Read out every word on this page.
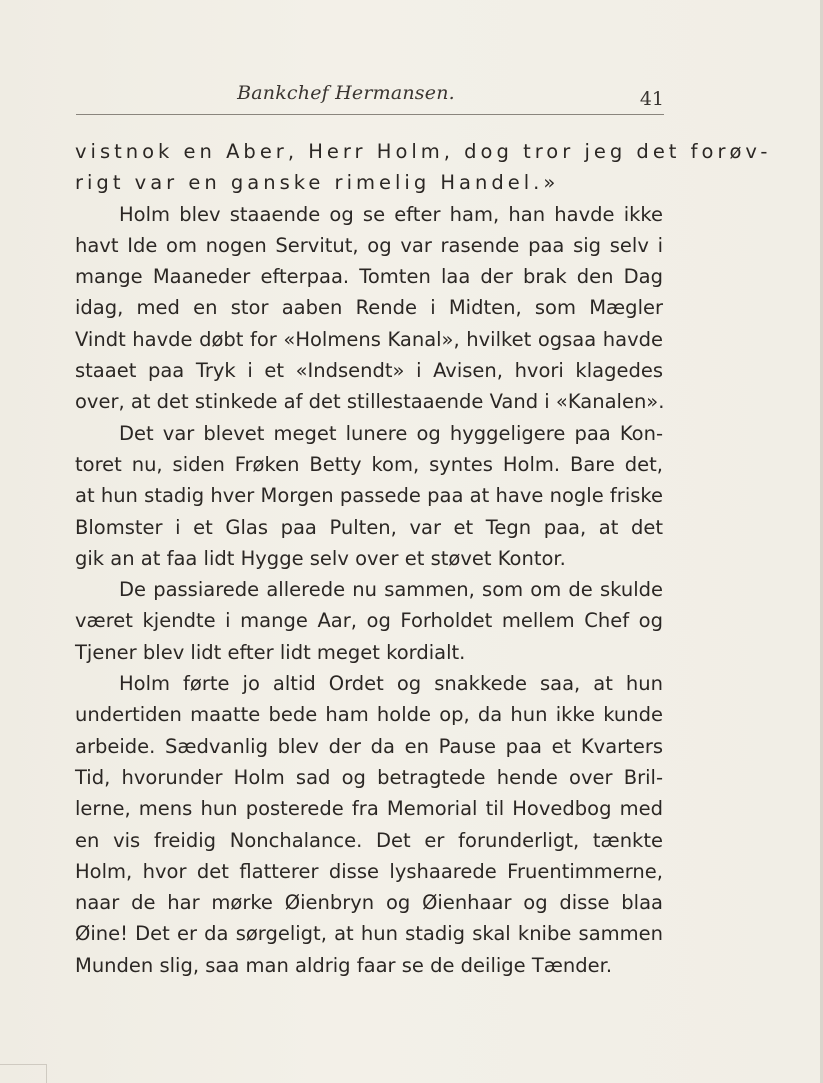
Bankchef Hermansen.	41
vistnok en Aber, Herr Holm, dog tror jeg det forøv-
rigt var en ganske rimelig Handel.»
Holm blev staaende og se efter ham, han havde ikke
havt Ide om nogen Servitut, og var rasende paa sig selv i
mange Maaneder efterpaa. Tomten laa der brak den Dag
idag, med en stor aaben Rende i Midten, som Mægler
Vindt havde døbt for «Holmens Kanal», hvilket ogsaa havde
staaet paa Tryk i et «Indsendt» i Avisen, hvori klagedes
over, at det stinkede af det stillestaaende Vand i «Kanalen».
Det var blevet meget lunere og hyggeligere paa Kon-
toret nu, siden Frøken Betty kom, syntes Holm. Bare det,
at hun stadig hver Morgen passede paa at have nogle friske
Blomster i et Glas paa Pulten, var et Tegn paa, at det
gik an at faa lidt Hygge selv over et støvet Kontor.
De passiarede allerede nu sammen, som om de skulde
været kjendte i mange Aar, og Forholdet mellem Chef og
Tjener blev lidt efter lidt meget kordialt.
Holm førte jo altid Ordet og snakkede saa, at hun
undertiden maatte bede ham holde op, da hun ikke kunde
arbeide. Sædvanlig blev der da en Pause paa et Kvarters
Tid, hvorunder Holm sad og betragtede hende over Bril-
lerne, mens hun posterede fra Memorial til Hovedbog med
en vis freidig Nonchalance. Det er forunderligt, tænkte
Holm, hvor det flatterer disse lyshaarede Fruentimmerne,
naar de har mørke Øienbryn og Øienhaar og disse blaa
Øine! Det er da sørgeligt, at hun stadig skal knibe sammen
Munden slig, saa man aldrig faar se de deilige Tænder.
